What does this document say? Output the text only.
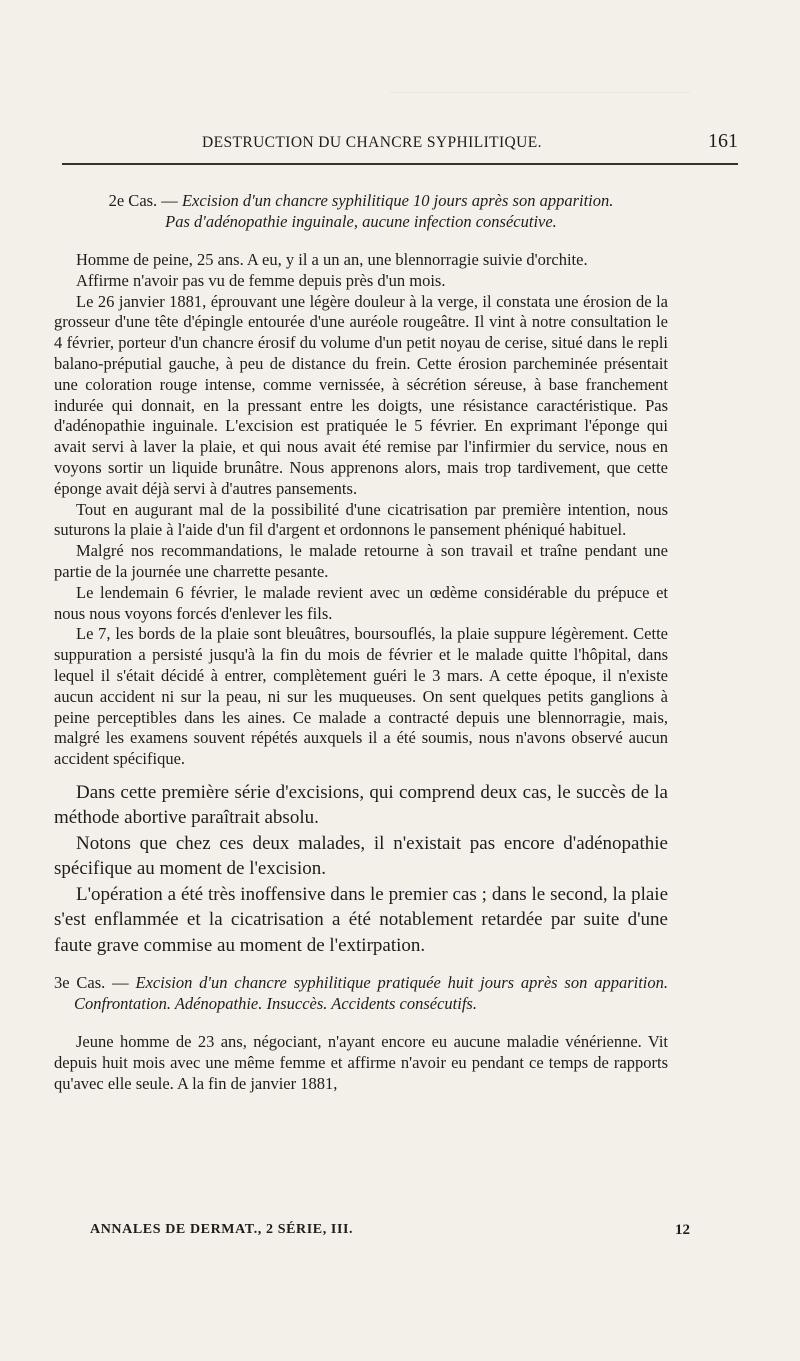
DESTRUCTION DU CHANCRE SYPHILITIQUE.	161

2e Cas. — Excision d'un chancre syphilitique 10 jours après son apparition.
Pas d'adénopathie inguinale, aucune infection consécutive.

Homme de peine, 25 ans. A eu, y il a un an, une blennorragie suivie d'orchite.

Affirme n'avoir pas vu de femme depuis près d'un mois.

Le 26 janvier 1881, éprouvant une légère douleur à la verge, il constata une érosion de la grosseur d'une tête d'épingle entourée d'une auréole rougeâtre. Il vint à notre consultation le 4 février, porteur d'un chancre érosif du volume d'un petit noyau de cerise, situé dans le repli balano-préputial gauche, à peu de distance du frein. Cette érosion parcheminée présentait une coloration rouge intense, comme vernissée, à sécrétion séreuse, à base franchement indurée qui donnait, en la pressant entre les doigts, une résistance caractéristique. Pas d'adénopathie inguinale. L'excision est pratiquée le 5 février. En exprimant l'éponge qui avait servi à laver la plaie, et qui nous avait été remise par l'infirmier du service, nous en voyons sortir un liquide brunâtre. Nous apprenons alors, mais trop tardivement, que cette éponge avait déjà servi à d'autres pansements.

Tout en augurant mal de la possibilité d'une cicatrisation par première intention, nous suturons la plaie à l'aide d'un fil d'argent et ordonnons le pansement phéniqué habituel.

Malgré nos recommandations, le malade retourne à son travail et traîne pendant une partie de la journée une charrette pesante.

Le lendemain 6 février, le malade revient avec un œdème considérable du prépuce et nous nous voyons forcés d'enlever les fils.

Le 7, les bords de la plaie sont bleuâtres, boursouflés, la plaie suppure légèrement. Cette suppuration a persisté jusqu'à la fin du mois de février et le malade quitte l'hôpital, dans lequel il s'était décidé à entrer, complètement guéri le 3 mars. A cette époque, il n'existe aucun accident ni sur la peau, ni sur les muqueuses. On sent quelques petits ganglions à peine perceptibles dans les aines. Ce malade a contracté depuis une blennorragie, mais, malgré les examens souvent répétés auxquels il a été soumis, nous n'avons observé aucun accident spécifique.

Dans cette première série d'excisions, qui comprend deux cas, le succès de la méthode abortive paraîtrait absolu.

Notons que chez ces deux malades, il n'existait pas encore d'adénopathie spécifique au moment de l'excision.

L'opération a été très inoffensive dans le premier cas ; dans le second, la plaie s'est enflammée et la cicatrisation a été notablement retardée par suite d'une faute grave commise au moment de l'extirpation.

3e Cas. — Excision d'un chancre syphilitique pratiquée huit jours après son apparition. Confrontation. Adénopathie. Insuccès. Accidents consécutifs.

Jeune homme de 23 ans, négociant, n'ayant encore eu aucune maladie vénérienne. Vit depuis huit mois avec une même femme et affirme n'avoir eu pendant ce temps de rapports qu'avec elle seule. A la fin de janvier 1881,

ANNALES DE DERMAT., 2 SÉRIE, III.	12
